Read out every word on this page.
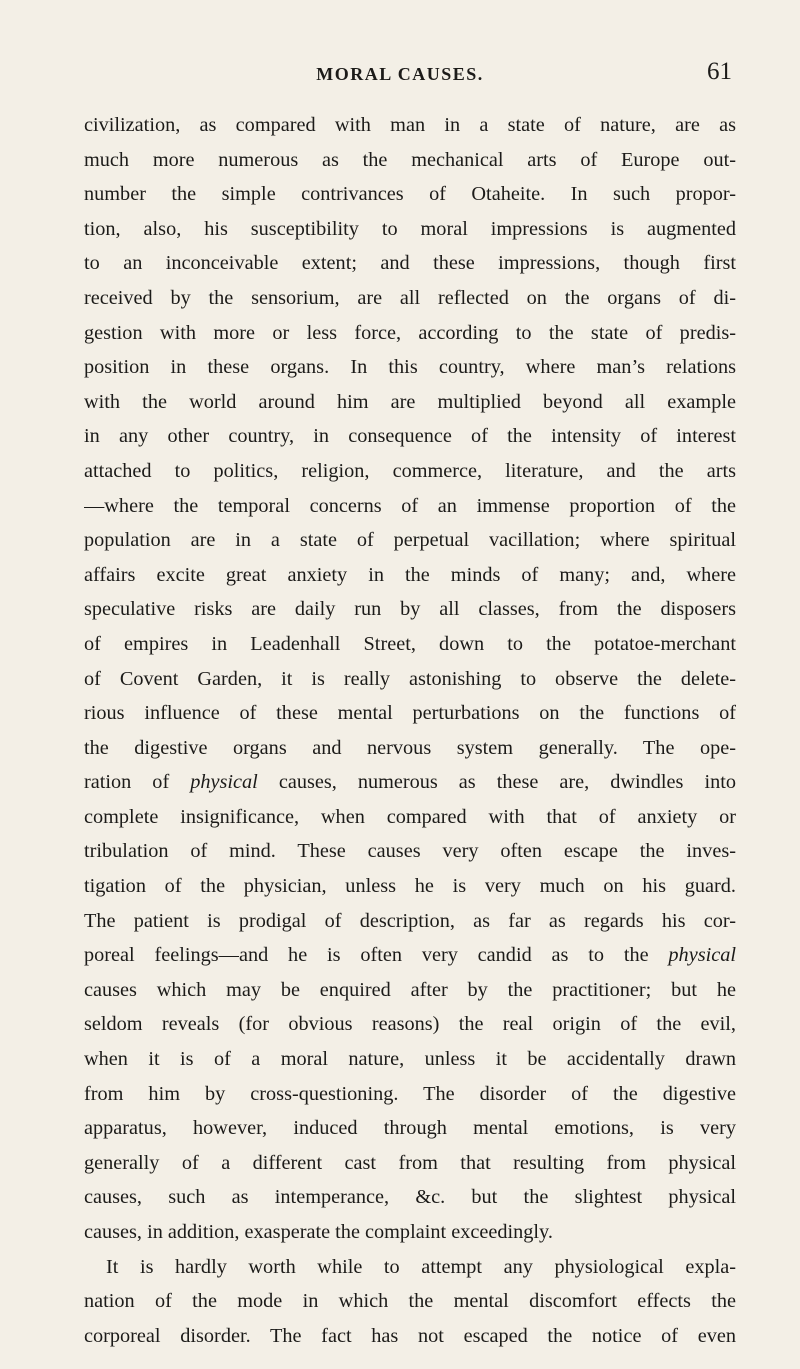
MORAL CAUSES.	61
civilization, as compared with man in a state of nature, are as
much more numerous as the mechanical arts of Europe out-
number the simple contrivances of Otaheite. In such propor-
tion, also, his susceptibility to moral impressions is augmented
to an inconceivable extent; and these impressions, though first
received by the sensorium, are all reflected on the organs of di-
gestion with more or less force, according to the state of predis-
position in these organs. In this country, where man’s relations
with the world around him are multiplied beyond all example
in any other country, in consequence of the intensity of interest
attached to politics, religion, commerce, literature, and the arts
—where the temporal concerns of an immense proportion of the
population are in a state of perpetual vacillation; where spiritual
affairs excite great anxiety in the minds of many; and, where
speculative risks are daily run by all classes, from the disposers
of empires in Leadenhall Street, down to the potatoe-merchant
of Covent Garden, it is really astonishing to observe the delete-
rious influence of these mental perturbations on the functions of
the digestive organs and nervous system generally. The ope-
ration of physical causes, numerous as these are, dwindles into
complete insignificance, when compared with that of anxiety or
tribulation of mind. These causes very often escape the inves-
tigation of the physician, unless he is very much on his guard.
The patient is prodigal of description, as far as regards his cor-
poreal feelings—and he is often very candid as to the physical
causes which may be enquired after by the practitioner; but he
seldom reveals (for obvious reasons) the real origin of the evil,
when it is of a moral nature, unless it be accidentally drawn
from him by cross-questioning. The disorder of the digestive
apparatus, however, induced through mental emotions, is very
generally of a different cast from that resulting from physical
causes, such as intemperance, &c. but the slightest physical
causes, in addition, exasperate the complaint exceedingly.
It is hardly worth while to attempt any physiological expla-
nation of the mode in which the mental discomfort effects the
corporeal disorder. The fact has not escaped the notice of even
